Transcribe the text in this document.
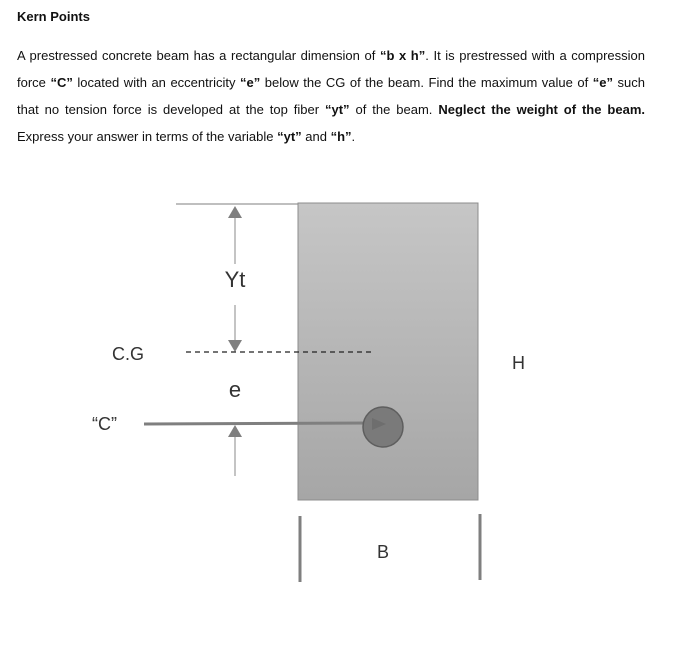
Kern Points

A prestressed concrete beam has a rectangular dimension of “b x h”. It is prestressed with a compression force “C” located with an eccentricity “e” below the CG of the beam. Find the maximum value of “e” such that no tension force is developed at the top fiber “yt” of the beam. Neglect the weight of the beam. Express your answer in terms of the variable “yt” and “h”.

Yt
C.G	H
e
“C”
B
